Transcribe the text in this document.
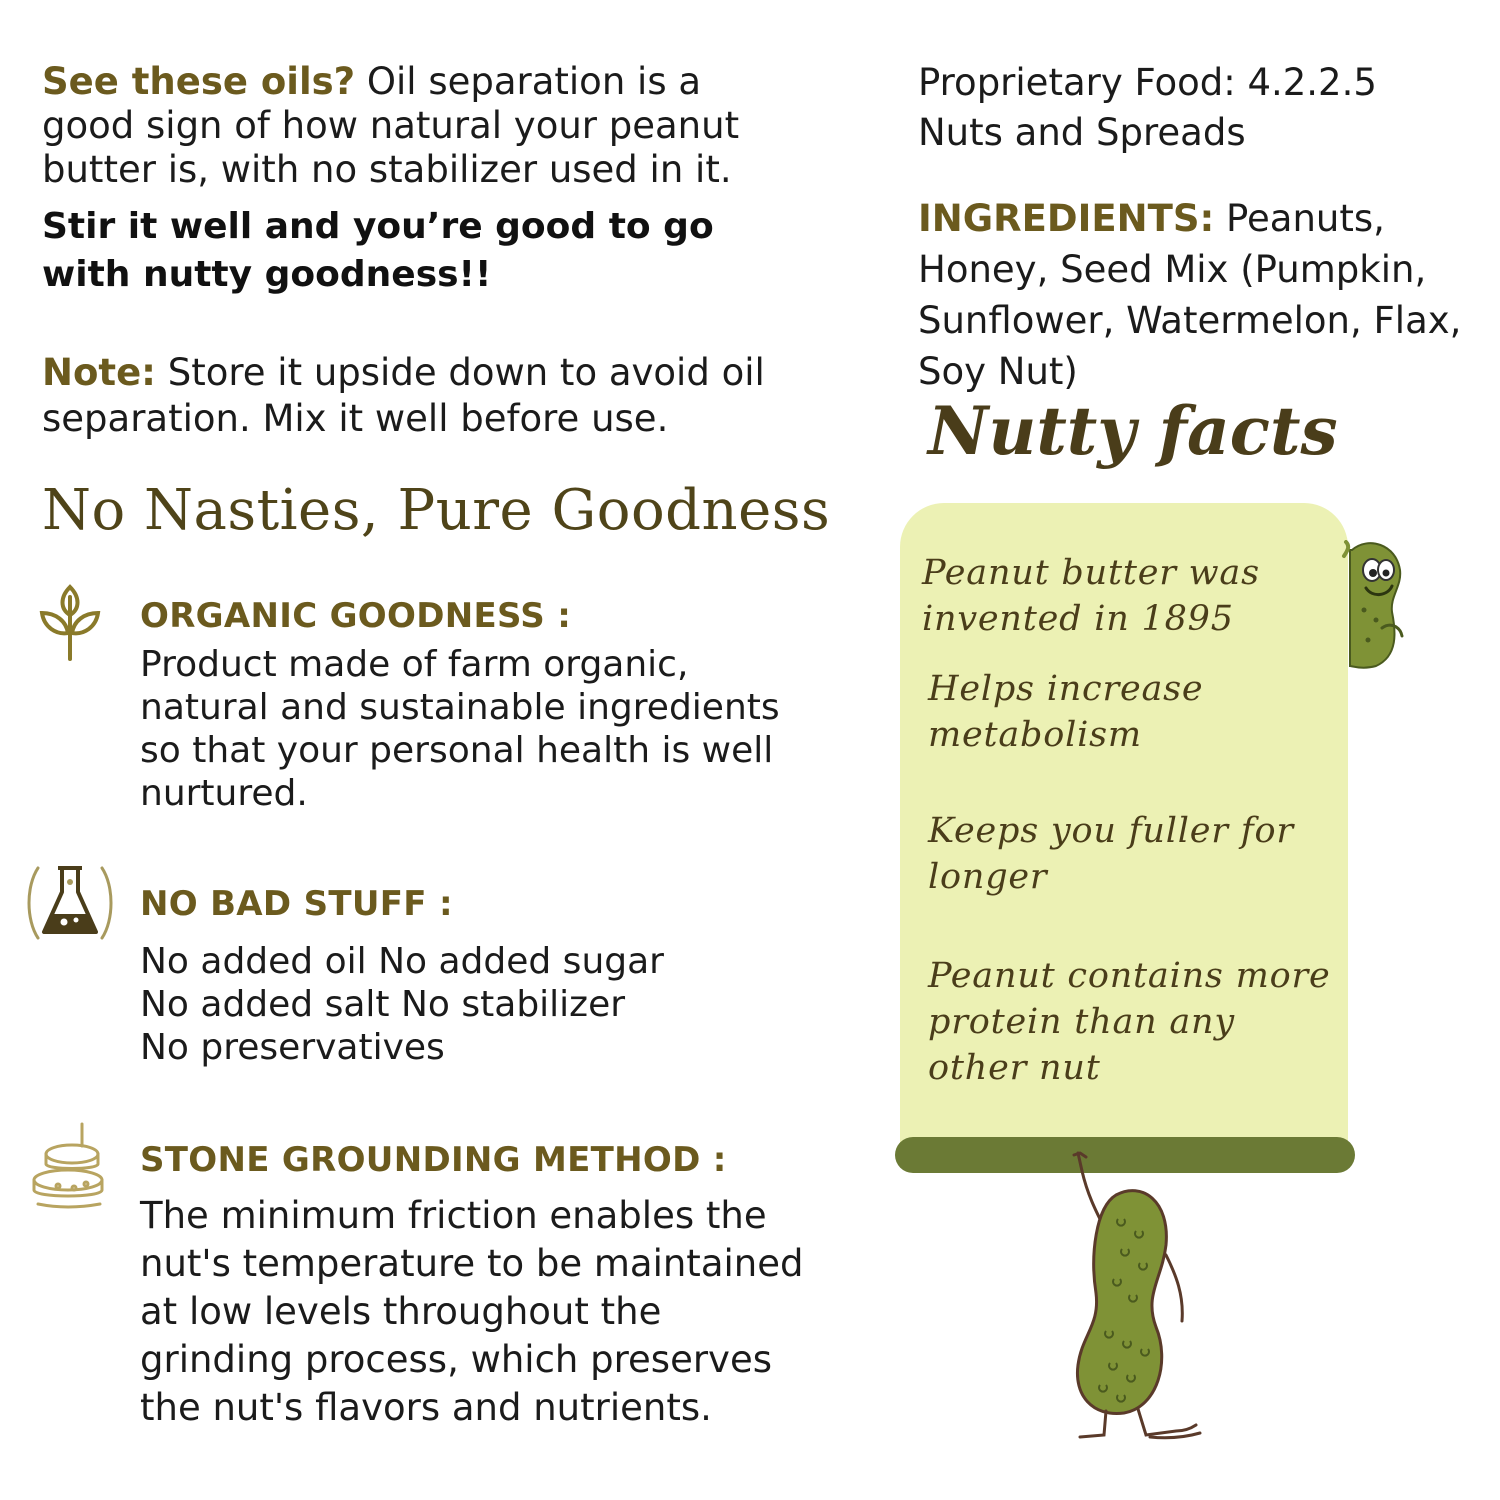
See these oils? Oil separation is a good sign of how natural your peanut butter is, with no stabilizer used in it.

Stir it well and you’re good to go with nutty goodness!!

Note: Store it upside down to avoid oil separation. Mix it well before use.

No Nasties, Pure Goodness
ORGANIC GOODNESS :
Product made of farm organic, natural and sustainable ingredients so that your personal health is well nurtured.
NO BAD STUFF :
No added oil No added sugar
No added salt No stabilizer
No preservatives
STONE GROUNDING METHOD :
The minimum friction enables the nut's temperature to be maintained at low levels throughout the grinding process, which preserves the nut's flavors and nutrients.
Proprietary Food: 4.2.2.5
Nuts and Spreads
INGREDIENTS: Peanuts, Honey, Seed Mix (Pumpkin, Sunflower, Watermelon, Flax, Soy Nut)
Nutty facts
Peanut butter was invented in 1895
Helps increase metabolism
Keeps you fuller for longer
Peanut contains more protein than any other nut
